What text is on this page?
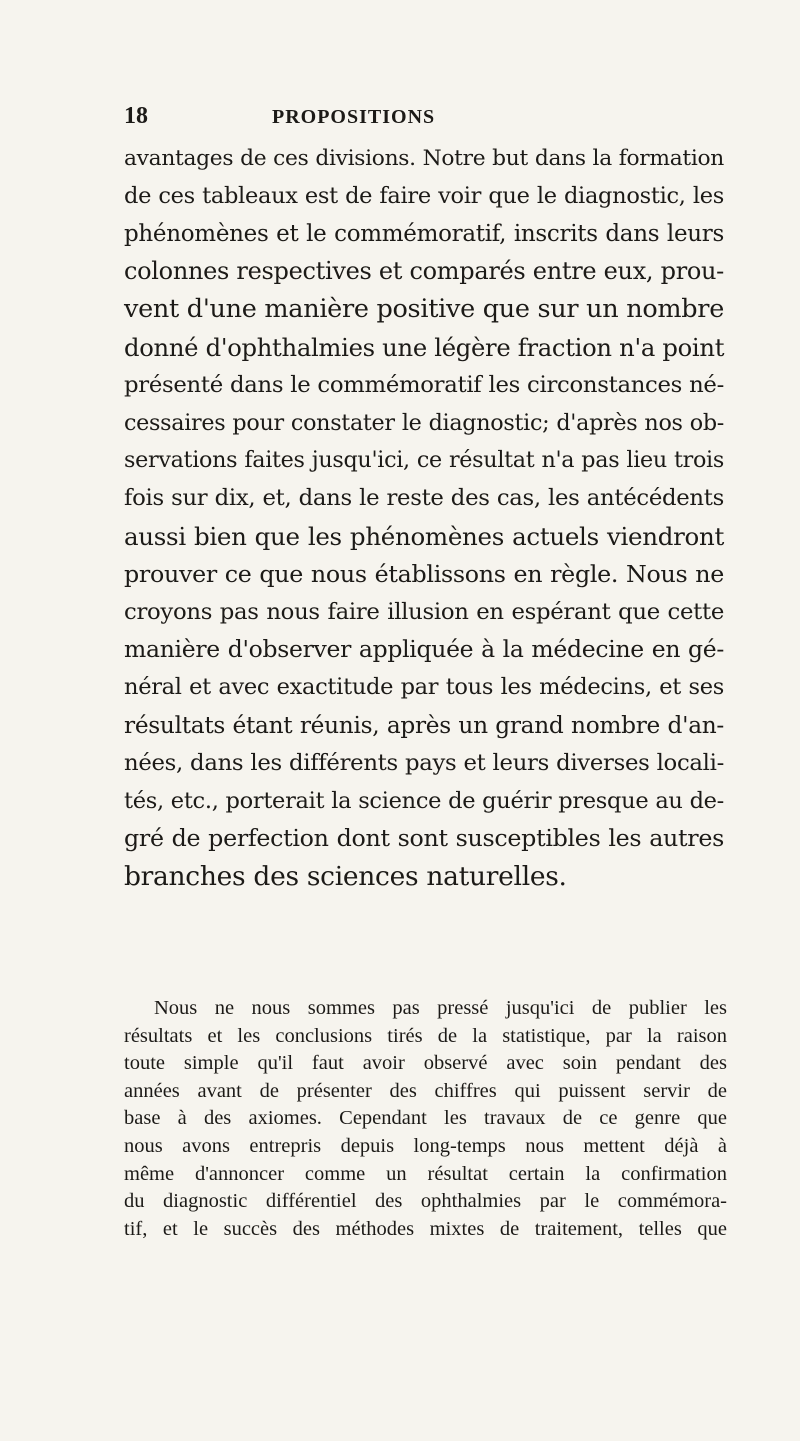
18	PROPOSITIONS
avantages de ces divisions. Notre but dans la formation
de ces tableaux est de faire voir que le diagnostic, les
phénomènes et le commémoratif, inscrits dans leurs
colonnes respectives et comparés entre eux, prou-
vent d'une manière positive que sur un nombre
donné d'ophthalmies une légère fraction n'a point
présenté dans le commémoratif les circonstances né-
cessaires pour constater le diagnostic; d'après nos ob-
servations faites jusqu'ici, ce résultat n'a pas lieu trois
fois sur dix, et, dans le reste des cas, les antécédents
aussi bien que les phénomènes actuels viendront
prouver ce que nous établissons en règle. Nous ne
croyons pas nous faire illusion en espérant que cette
manière d'observer appliquée à la médecine en gé-
néral et avec exactitude par tous les médecins, et ses
résultats étant réunis, après un grand nombre d'an-
nées, dans les différents pays et leurs diverses locali-
tés, etc., porterait la science de guérir presque au de-
gré de perfection dont sont susceptibles les autres
branches des sciences naturelles.
Nous ne nous sommes pas pressé jusqu'ici de publier les
résultats et les conclusions tirés de la statistique, par la raison
toute simple qu'il faut avoir observé avec soin pendant des
années avant de présenter des chiffres qui puissent servir de
base à des axiomes. Cependant les travaux de ce genre que
nous avons entrepris depuis long-temps nous mettent déjà à
même d'annoncer comme un résultat certain la confirmation
du diagnostic différentiel des ophthalmies par le commémora-
tif, et le succès des méthodes mixtes de traitement, telles que
